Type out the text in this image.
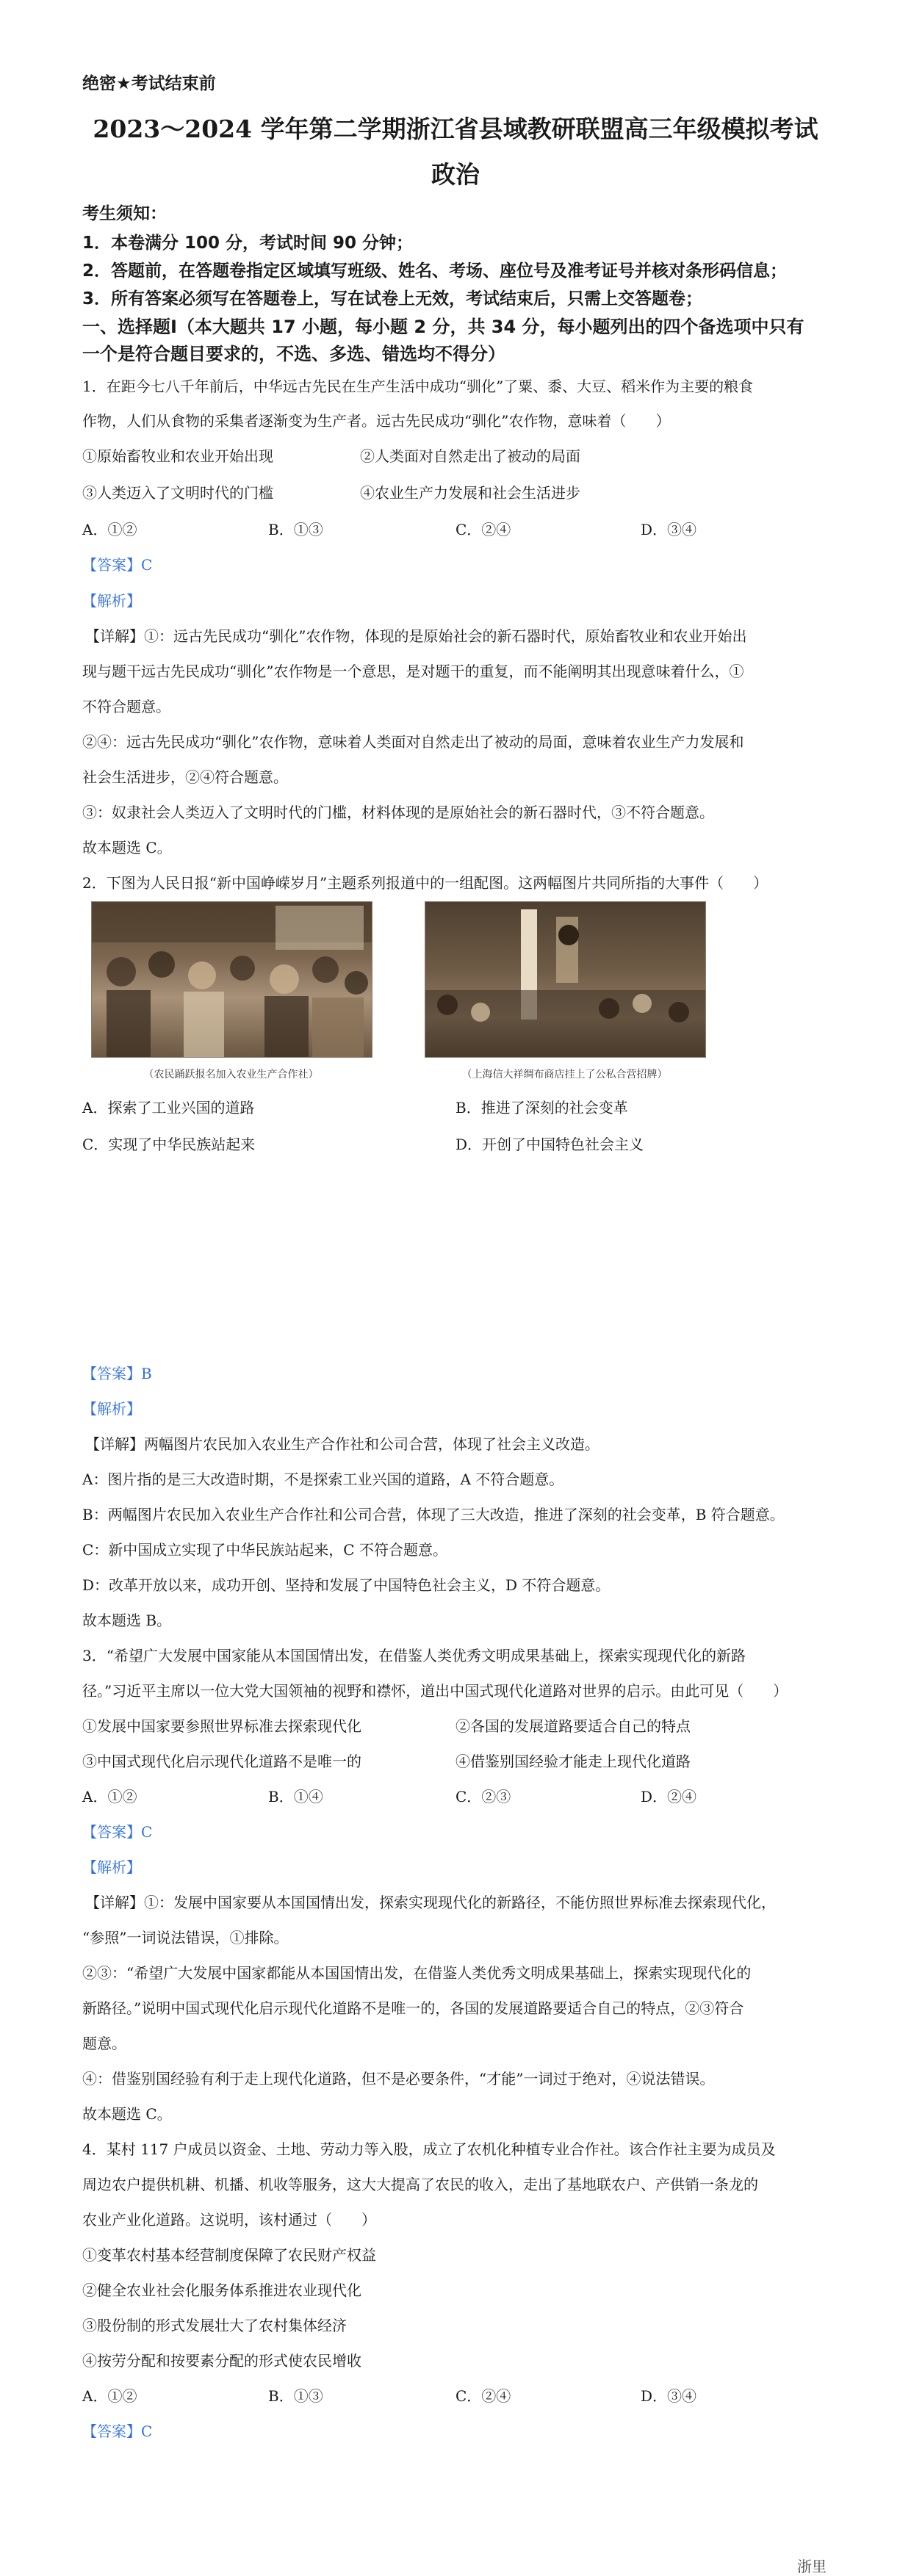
绝密★考试结束前
2023～2024 学年第二学期浙江省县域教研联盟高三年级模拟考试
政治
考生须知：
1．本卷满分 100 分，考试时间 90 分钟；
2．答题前，在答题卷指定区域填写班级、姓名、考场、座位号及准考证号并核对条形码信息；
3．所有答案必须写在答题卷上，写在试卷上无效，考试结束后，只需上交答题卷；
一、选择题Ⅰ（本大题共 17 小题，每小题 2 分，共 34 分，每小题列出的四个备选项中只有
一个是符合题目要求的，不选、多选、错选均不得分）
1．在距今七八千年前后，中华远古先民在生产生活中成功“驯化”了粟、黍、大豆、稻米作为主要的粮食
作物，人们从食物的采集者逐渐变为生产者。远古先民成功“驯化”农作物，意味着（　　）
①原始畜牧业和农业开始出现	②人类面对自然走出了被动的局面
③人类迈入了文明时代的门槛	④农业生产力发展和社会生活进步
A．①②	B．①③	C．②④	D．③④
【答案】C
【解析】
【详解】①：远古先民成功“驯化”农作物，体现的是原始社会的新石器时代，原始畜牧业和农业开始出
现与题干远古先民成功“驯化”农作物是一个意思，是对题干的重复，而不能阐明其出现意味着什么，①
不符合题意。
②④：远古先民成功“驯化”农作物，意味着人类面对自然走出了被动的局面，意味着农业生产力发展和
社会生活进步，②④符合题意。
③：奴隶社会人类迈入了文明时代的门槛，材料体现的是原始社会的新石器时代，③不符合题意。
故本题选 C。
2．下图为人民日报“新中国峥嵘岁月”主题系列报道中的一组配图。这两幅图片共同所指的大事件（　　）
（农民踊跃报名加入农业生产合作社）	（上海信大祥绸布商店挂上了公私合营招牌）
A．探索了工业兴国的道路	B．推进了深刻的社会变革
C．实现了中华民族站起来	D．开创了中国特色社会主义
【答案】B
【解析】
【详解】两幅图片农民加入农业生产合作社和公司合营，体现了社会主义改造。
A：图片指的是三大改造时期，不是探索工业兴国的道路，A 不符合题意。
B：两幅图片农民加入农业生产合作社和公司合营，体现了三大改造，推进了深刻的社会变革，B 符合题意。
C：新中国成立实现了中华民族站起来，C 不符合题意。
D：改革开放以来，成功开创、坚持和发展了中国特色社会主义，D 不符合题意。
故本题选 B。
3．“希望广大发展中国家能从本国国情出发，在借鉴人类优秀文明成果基础上，探索实现现代化的新路
径。”习近平主席以一位大党大国领袖的视野和襟怀，道出中国式现代化道路对世界的启示。由此可见（　　）
①发展中国家要参照世界标准去探索现代化	②各国的发展道路要适合自己的特点
③中国式现代化启示现代化道路不是唯一的	④借鉴别国经验才能走上现代化道路
A．①②	B．①④	C．②③	D．②④
【答案】C
【解析】
【详解】①：发展中国家要从本国国情出发，探索实现现代化的新路径，不能仿照世界标准去探索现代化，
“参照”一词说法错误，①排除。
②③：“希望广大发展中国家都能从本国国情出发，在借鉴人类优秀文明成果基础上，探索实现现代化的
新路径。”说明中国式现代化启示现代化道路不是唯一的，各国的发展道路要适合自己的特点，②③符合
题意。
④：借鉴别国经验有利于走上现代化道路，但不是必要条件，“才能”一词过于绝对，④说法错误。
故本题选 C。
4．某村 117 户成员以资金、土地、劳动力等入股，成立了农机化种植专业合作社。该合作社主要为成员及
周边农户提供机耕、机播、机收等服务，这大大提高了农民的收入，走出了基地联农户、产供销一条龙的
农业产业化道路。这说明，该村通过（　　）
①变革农村基本经营制度保障了农民财产权益
②健全农业社会化服务体系推进农业现代化
③股份制的形式发展壮大了农村集体经济
④按劳分配和按要素分配的形式使农民增收
A．①②	B．①③	C．②④	D．③④
【答案】C
浙里
